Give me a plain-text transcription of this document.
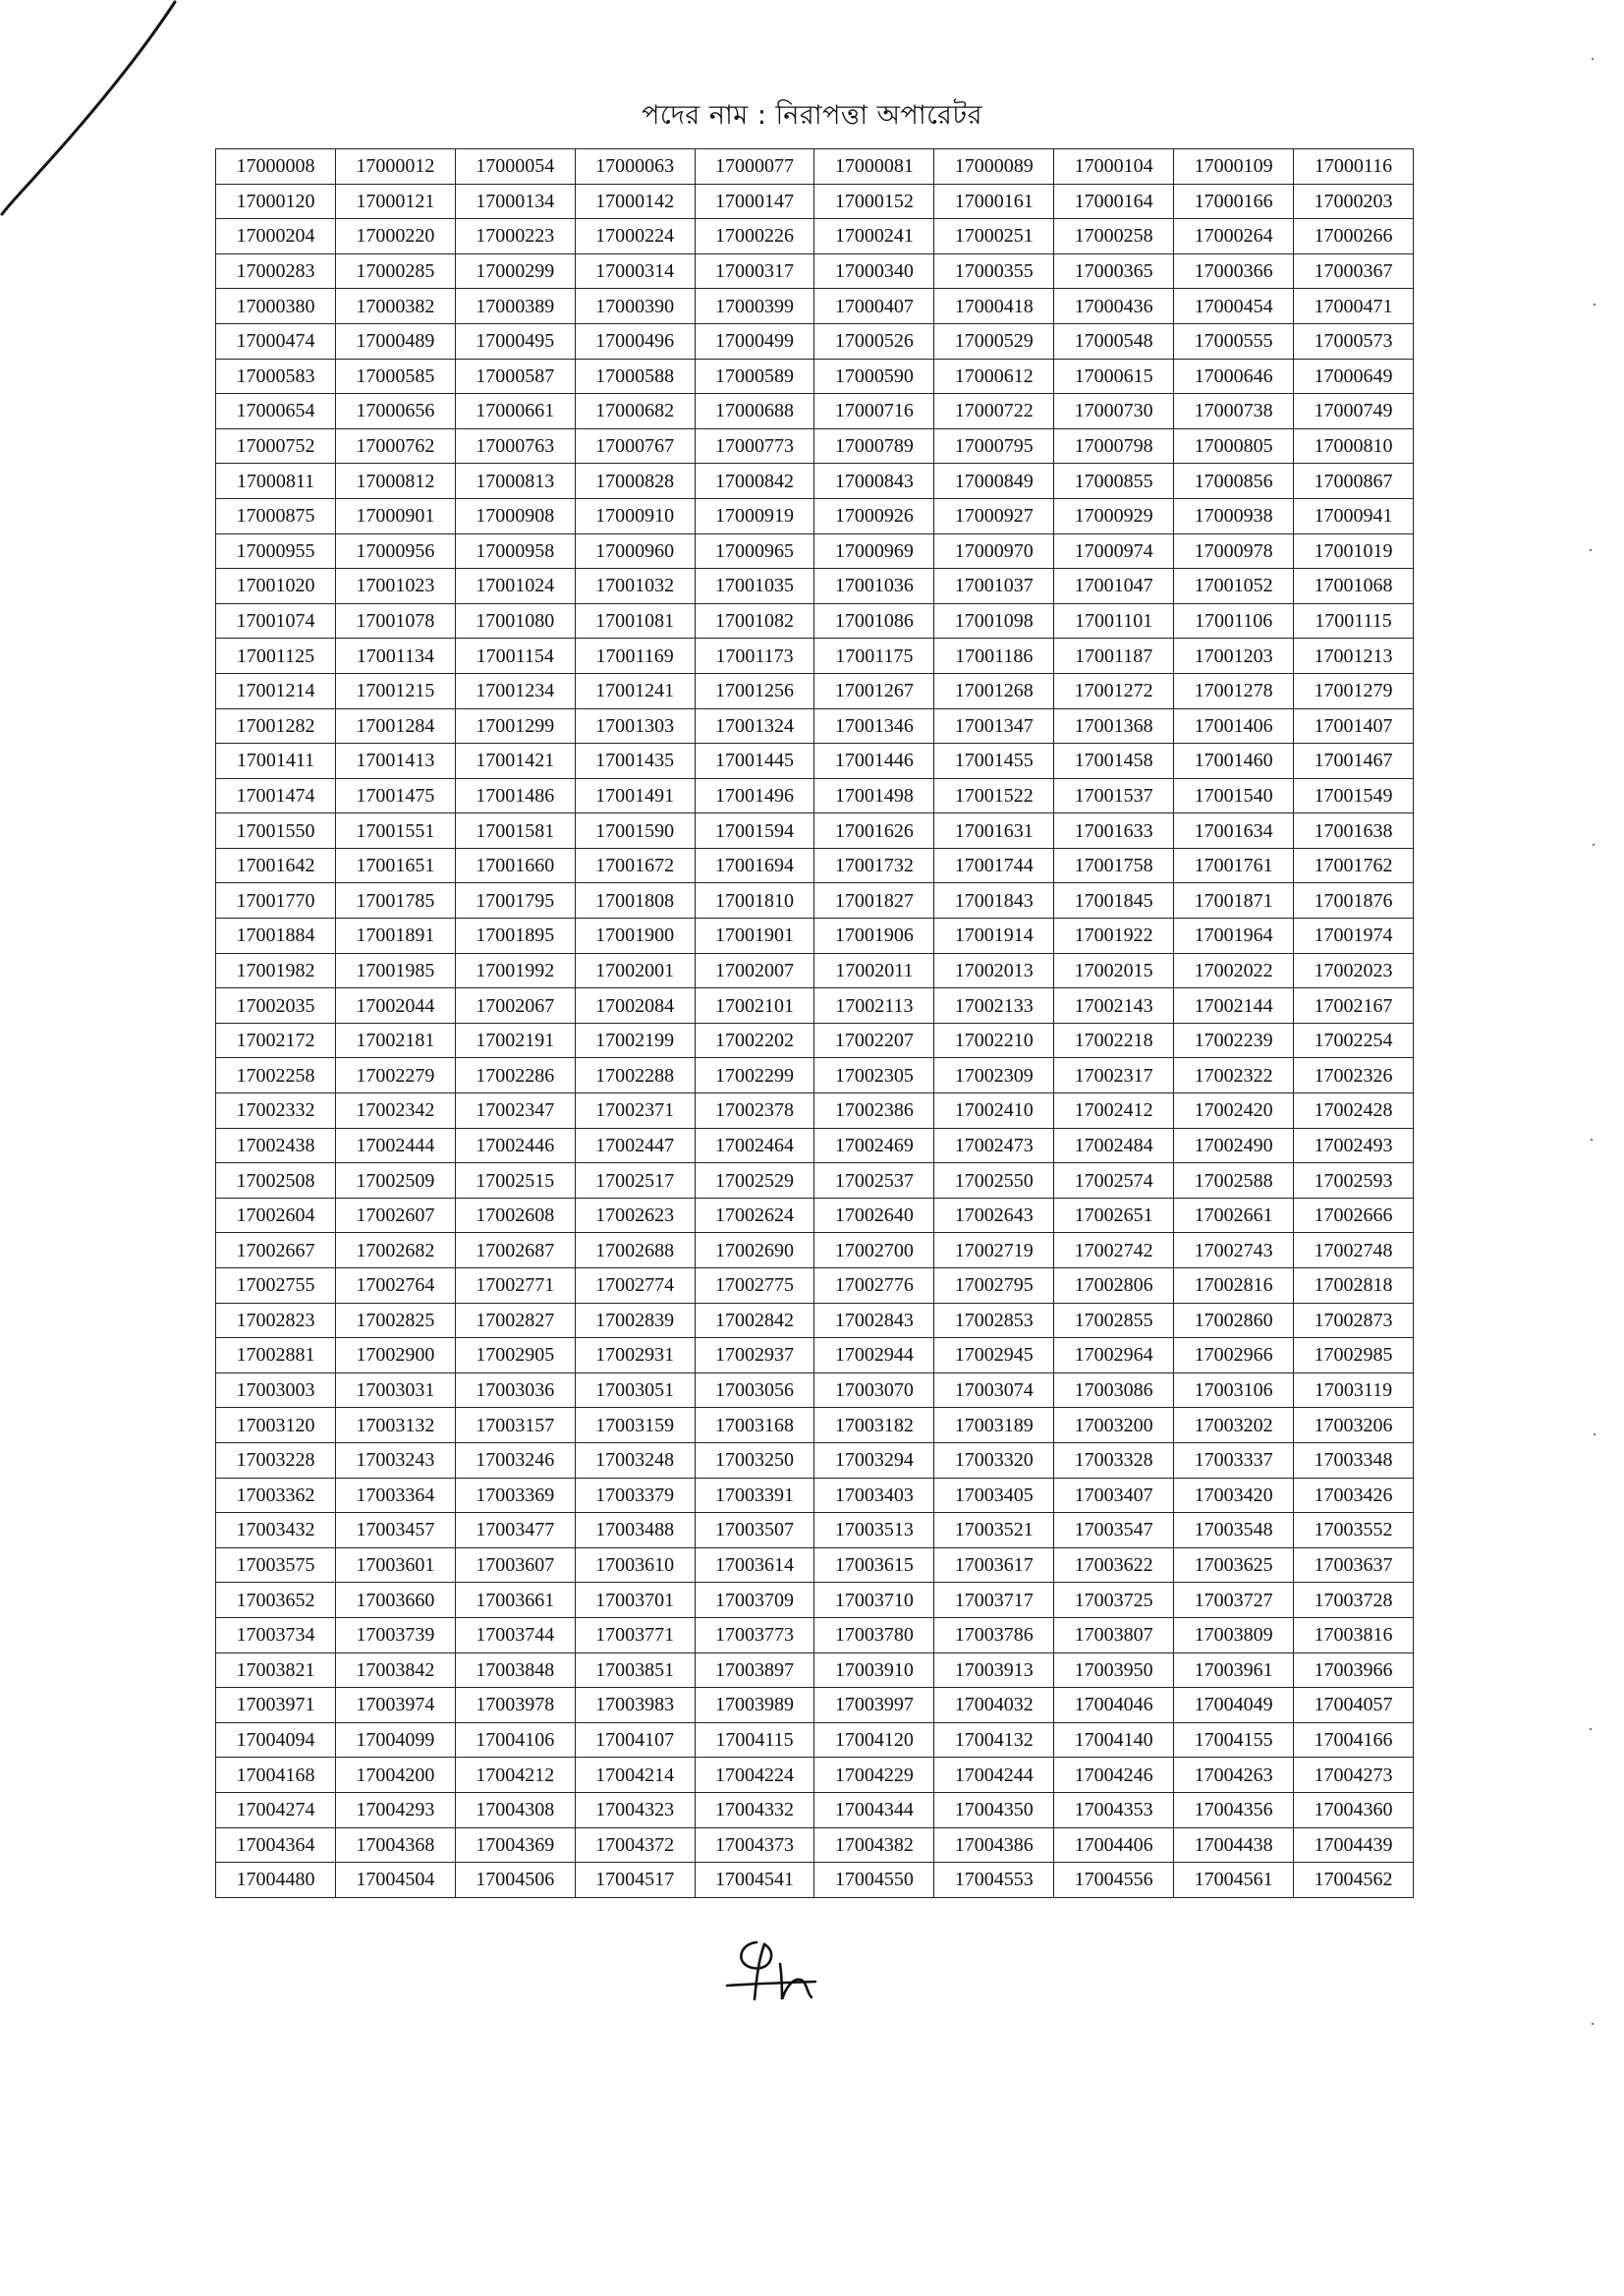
পদের নাম : নিরাপত্তা অপারেটর
17000008	17000012	17000054	17000063	17000077	17000081	17000089	17000104	17000109	17000116
17000120	17000121	17000134	17000142	17000147	17000152	17000161	17000164	17000166	17000203
17000204	17000220	17000223	17000224	17000226	17000241	17000251	17000258	17000264	17000266
17000283	17000285	17000299	17000314	17000317	17000340	17000355	17000365	17000366	17000367
17000380	17000382	17000389	17000390	17000399	17000407	17000418	17000436	17000454	17000471
17000474	17000489	17000495	17000496	17000499	17000526	17000529	17000548	17000555	17000573
17000583	17000585	17000587	17000588	17000589	17000590	17000612	17000615	17000646	17000649
17000654	17000656	17000661	17000682	17000688	17000716	17000722	17000730	17000738	17000749
17000752	17000762	17000763	17000767	17000773	17000789	17000795	17000798	17000805	17000810
17000811	17000812	17000813	17000828	17000842	17000843	17000849	17000855	17000856	17000867
17000875	17000901	17000908	17000910	17000919	17000926	17000927	17000929	17000938	17000941
17000955	17000956	17000958	17000960	17000965	17000969	17000970	17000974	17000978	17001019
17001020	17001023	17001024	17001032	17001035	17001036	17001037	17001047	17001052	17001068
17001074	17001078	17001080	17001081	17001082	17001086	17001098	17001101	17001106	17001115
17001125	17001134	17001154	17001169	17001173	17001175	17001186	17001187	17001203	17001213
17001214	17001215	17001234	17001241	17001256	17001267	17001268	17001272	17001278	17001279
17001282	17001284	17001299	17001303	17001324	17001346	17001347	17001368	17001406	17001407
17001411	17001413	17001421	17001435	17001445	17001446	17001455	17001458	17001460	17001467
17001474	17001475	17001486	17001491	17001496	17001498	17001522	17001537	17001540	17001549
17001550	17001551	17001581	17001590	17001594	17001626	17001631	17001633	17001634	17001638
17001642	17001651	17001660	17001672	17001694	17001732	17001744	17001758	17001761	17001762
17001770	17001785	17001795	17001808	17001810	17001827	17001843	17001845	17001871	17001876
17001884	17001891	17001895	17001900	17001901	17001906	17001914	17001922	17001964	17001974
17001982	17001985	17001992	17002001	17002007	17002011	17002013	17002015	17002022	17002023
17002035	17002044	17002067	17002084	17002101	17002113	17002133	17002143	17002144	17002167
17002172	17002181	17002191	17002199	17002202	17002207	17002210	17002218	17002239	17002254
17002258	17002279	17002286	17002288	17002299	17002305	17002309	17002317	17002322	17002326
17002332	17002342	17002347	17002371	17002378	17002386	17002410	17002412	17002420	17002428
17002438	17002444	17002446	17002447	17002464	17002469	17002473	17002484	17002490	17002493
17002508	17002509	17002515	17002517	17002529	17002537	17002550	17002574	17002588	17002593
17002604	17002607	17002608	17002623	17002624	17002640	17002643	17002651	17002661	17002666
17002667	17002682	17002687	17002688	17002690	17002700	17002719	17002742	17002743	17002748
17002755	17002764	17002771	17002774	17002775	17002776	17002795	17002806	17002816	17002818
17002823	17002825	17002827	17002839	17002842	17002843	17002853	17002855	17002860	17002873
17002881	17002900	17002905	17002931	17002937	17002944	17002945	17002964	17002966	17002985
17003003	17003031	17003036	17003051	17003056	17003070	17003074	17003086	17003106	17003119
17003120	17003132	17003157	17003159	17003168	17003182	17003189	17003200	17003202	17003206
17003228	17003243	17003246	17003248	17003250	17003294	17003320	17003328	17003337	17003348
17003362	17003364	17003369	17003379	17003391	17003403	17003405	17003407	17003420	17003426
17003432	17003457	17003477	17003488	17003507	17003513	17003521	17003547	17003548	17003552
17003575	17003601	17003607	17003610	17003614	17003615	17003617	17003622	17003625	17003637
17003652	17003660	17003661	17003701	17003709	17003710	17003717	17003725	17003727	17003728
17003734	17003739	17003744	17003771	17003773	17003780	17003786	17003807	17003809	17003816
17003821	17003842	17003848	17003851	17003897	17003910	17003913	17003950	17003961	17003966
17003971	17003974	17003978	17003983	17003989	17003997	17004032	17004046	17004049	17004057
17004094	17004099	17004106	17004107	17004115	17004120	17004132	17004140	17004155	17004166
17004168	17004200	17004212	17004214	17004224	17004229	17004244	17004246	17004263	17004273
17004274	17004293	17004308	17004323	17004332	17004344	17004350	17004353	17004356	17004360
17004364	17004368	17004369	17004372	17004373	17004382	17004386	17004406	17004438	17004439
17004480	17004504	17004506	17004517	17004541	17004550	17004553	17004556	17004561	17004562
